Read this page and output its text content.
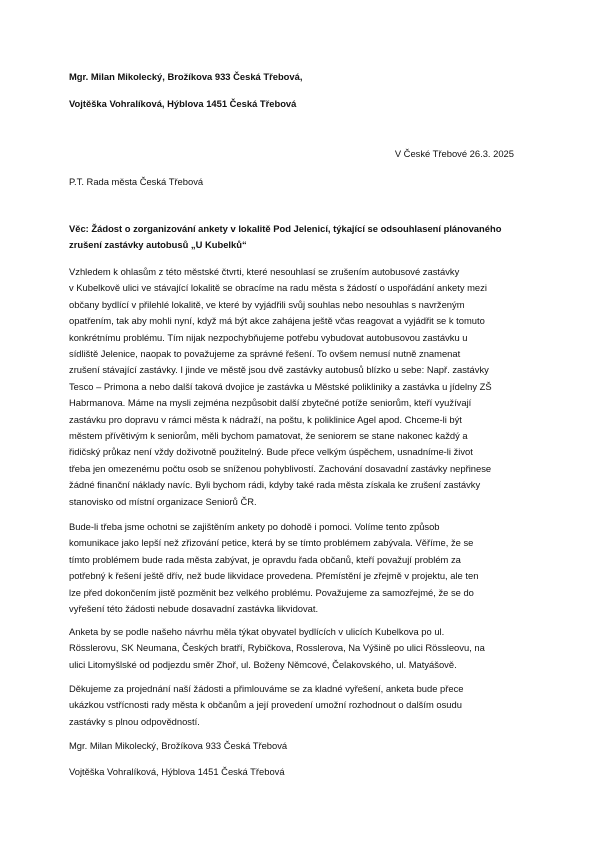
Mgr. Milan Mikolecký, Brožíkova 933 Česká Třebová,

Vojtěška Vohralíková, Hýblova 1451 Česká Třebová

V České Třebové 26.3. 2025

P.T. Rada města Česká Třebová

Věc: Žádost o zorganizování ankety v lokalitě Pod Jelenicí, týkající se odsouhlasení plánovaného
zrušení zastávky autobusů „U Kubelků“
Vzhledem k ohlasům z této městské čtvrti, které nesouhlasí se zrušením autobusové zastávky
v Kubelkově ulici ve stávající lokalitě se obracíme na radu města s žádostí o uspořádání ankety mezi
občany bydlící v přilehlé lokalitě, ve které by vyjádřili svůj souhlas nebo nesouhlas s navrženým
opatřením, tak aby mohli nyní, když má být akce zahájena ještě včas reagovat a vyjádřit se k tomuto
konkrétnímu problému. Tím nijak nezpochybňujeme potřebu vybudovat autobusovou zastávku u
sídliště Jelenice, naopak to považujeme za správné řešení. To ovšem nemusí nutně znamenat
zrušení stávající zastávky. I jinde ve městě jsou dvě zastávky autobusů blízko u sebe: Např. zastávky
Tesco – Primona a nebo další taková dvojice je zastávka u Městské polikliniky a zastávka u jídelny ZŠ
Habrmanova. Máme na mysli zejména nezpůsobit další zbytečné potíže seniorům, kteří využívají
zastávku pro dopravu v rámci města k nádraží, na poštu, k poliklinice Agel apod. Chceme-li být
městem přívětivým k seniorům, měli bychom pamatovat, že seniorem se stane nakonec každý a
řidičský průkaz není vždy doživotně použitelný. Bude přece velkým úspěchem, usnadníme-li život
třeba jen omezenému počtu osob se sníženou pohyblivostí. Zachování dosavadní zastávky nepřinese
žádné finanční náklady navíc. Byli bychom rádi, kdyby také rada města získala ke zrušení zastávky
stanovisko od místní organizace Seniorů ČR.
Bude-li třeba jsme ochotni se zajištěním ankety po dohodě i pomoci. Volíme tento způsob
komunikace jako lepší než zřizování petice, která by se tímto problémem zabývala. Věříme, že se
tímto problémem bude rada města zabývat, je opravdu řada občanů, kteří považují problém za
potřebný k řešení ještě dřív, než bude likvidace provedena. Přemístění je zřejmě v projektu, ale ten
lze před dokončením jistě pozměnit bez velkého problému. Považujeme za samozřejmé, že se do
vyřešení této žádosti nebude dosavadní zastávka likvidovat.
Anketa by se podle našeho návrhu měla týkat obyvatel bydlících v ulicích Kubelkova po ul.
Rösslerovu, SK Neumana, Českých bratří, Rybičkova, Rosslerova, Na Výšině po ulici Rössleovu, na
ulici Litomyšlské od podjezdu směr Zhoř, ul. Boženy Němcové, Čelakovského, ul. Matyášově.
Děkujeme za projednání naší žádosti a přimlouváme se za kladné vyřešení, anketa bude přece
ukázkou vstřícnosti rady města k občanům a její provedení umožní rozhodnout o dalším osudu
zastávky s plnou odpovědností.

Mgr. Milan Mikolecký, Brožíkova 933 Česká Třebová

Vojtěška Vohralíková, Hýblova 1451 Česká Třebová
